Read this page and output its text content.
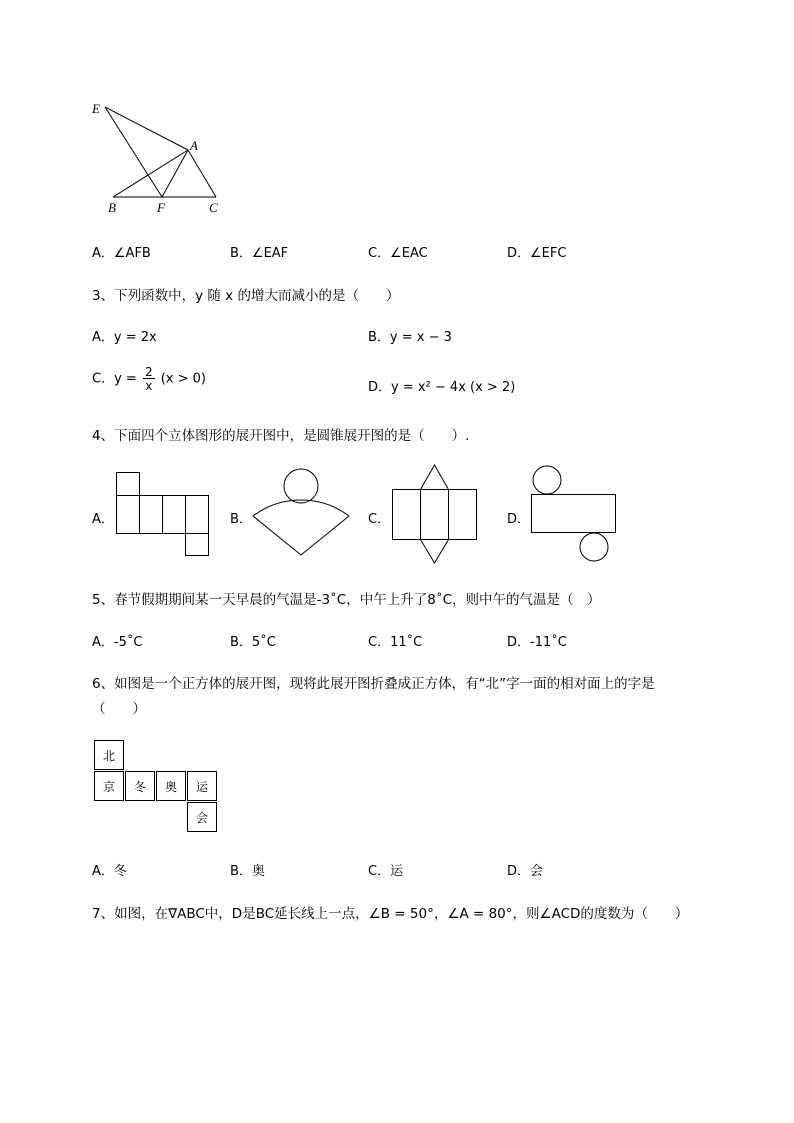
E
A
B	F	C
A．∠AFB	B．∠EAF	C．∠EAC	D．∠EFC
3、下列函数中，y 随 x 的增大而减小的是（　　）
A．y = 2x	B．y = x − 3
C．$y = \frac{2}{x} (x > 0)$
D．y = x² − 4x (x > 2)
4、下面四个立体图形的展开图中，是圆锥展开图的是（　　）.
A．	B．	C．	D．
5、春节假期期间某一天早晨的气温是-3˚C，中午上升了8˚C，则中午的气温是（　）
A．-5˚C	B．5˚C	C．11˚C	D．-11˚C
6、如图是一个正方体的展开图，现将此展开图折叠成正方体，有“北”字一面的相对面上的字是
（　　）
北
京	冬	奥	运
会
A．冬	B．奥	C．运	D．会
7、如图，在∇ABC中，D是BC延长线上一点，∠B = 50°，∠A = 80°，则∠ACD的度数为（　　）
